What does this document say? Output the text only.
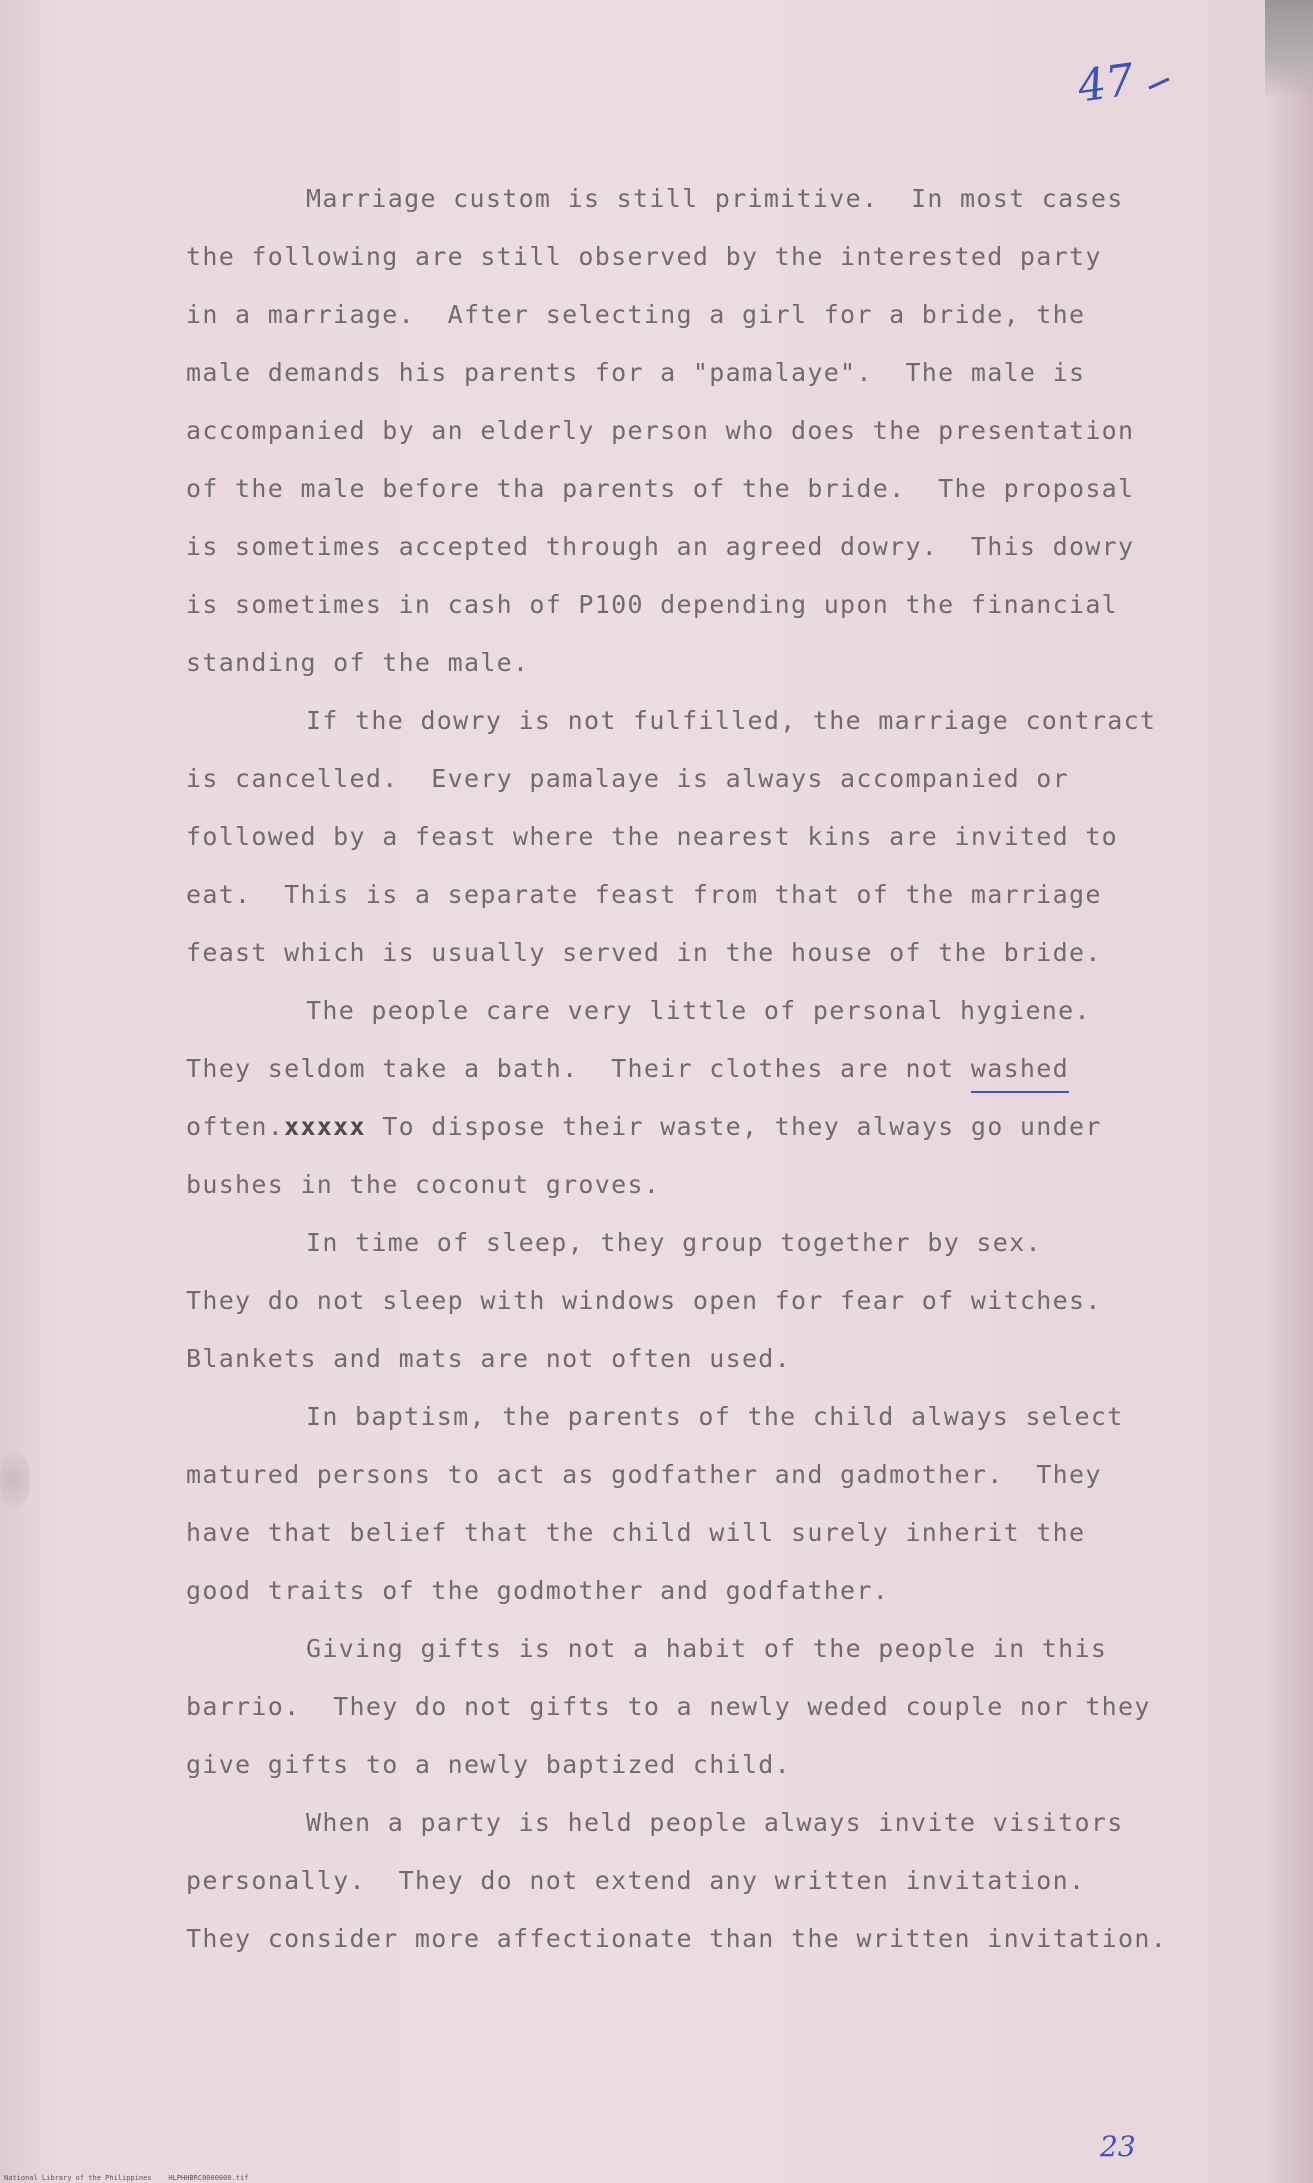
47

Marriage custom is still primitive.  In most cases
the following are still observed by the interested party
in a marriage.  After selecting a girl for a bride, the
male demands his parents for a "pamalaye".  The male is
accompanied by an elderly person who does the presentation
of the male before tha parents of the bride.  The proposal
is sometimes accepted through an agreed dowry.  This dowry
is sometimes in cash of P100 depending upon the financial
standing of the male.
If the dowry is not fulfilled, the marriage contract
is cancelled.  Every pamalaye is always accompanied or
followed by a feast where the nearest kins are invited to
eat.  This is a separate feast from that of the marriage
feast which is usually served in the house of the bride.
The people care very little of personal hygiene.
They seldom take a bath.  Their clothes are not washed
often.xxxxx To dispose their waste, they always go under
bushes in the coconut groves.
In time of sleep, they group together by sex.
They do not sleep with windows open for fear of witches.
Blankets and mats are not often used.
In baptism, the parents of the child always select
matured persons to act as godfather and gadmother.  They
have that belief that the child will surely inherit the
good traits of the godmother and godfather.
Giving gifts is not a habit of the people in this
barrio.  They do not gifts to a newly weded couple nor they
give gifts to a newly baptized child.
When a party is held people always invite visitors
personally.  They do not extend any written invitation.
They consider more affectionate than the written invitation.

23

National Library of the Philippines    HLPHHBRC0000000.tif
